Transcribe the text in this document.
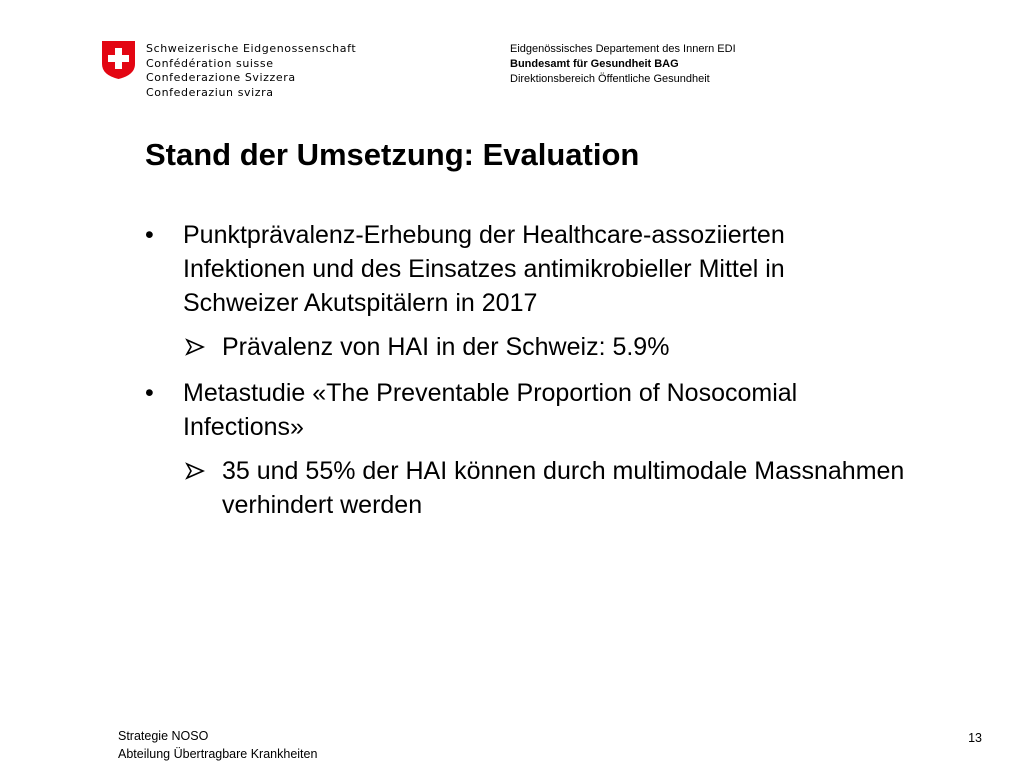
Schweizerische Eidgenossenschaft
Confédération suisse
Confederazione Svizzera
Confederaziun svizra
Eidgenössisches Departement des Innern EDI
Bundesamt für Gesundheit BAG
Direktionsbereich Öffentliche Gesundheit
Stand der Umsetzung: Evaluation
• Punktprävalenz-Erhebung der Healthcare-assoziierten Infektionen und des Einsatzes antimikrobieller Mittel in Schweizer Akutspitälern in 2017
Prävalenz von HAI in der Schweiz: 5.9%
• Metastudie «The Preventable Proportion of Nosocomial Infections»
35 und 55% der HAI können durch multimodale Massnahmen verhindert werden
Strategie NOSO
Abteilung Übertragbare Krankheiten
13
